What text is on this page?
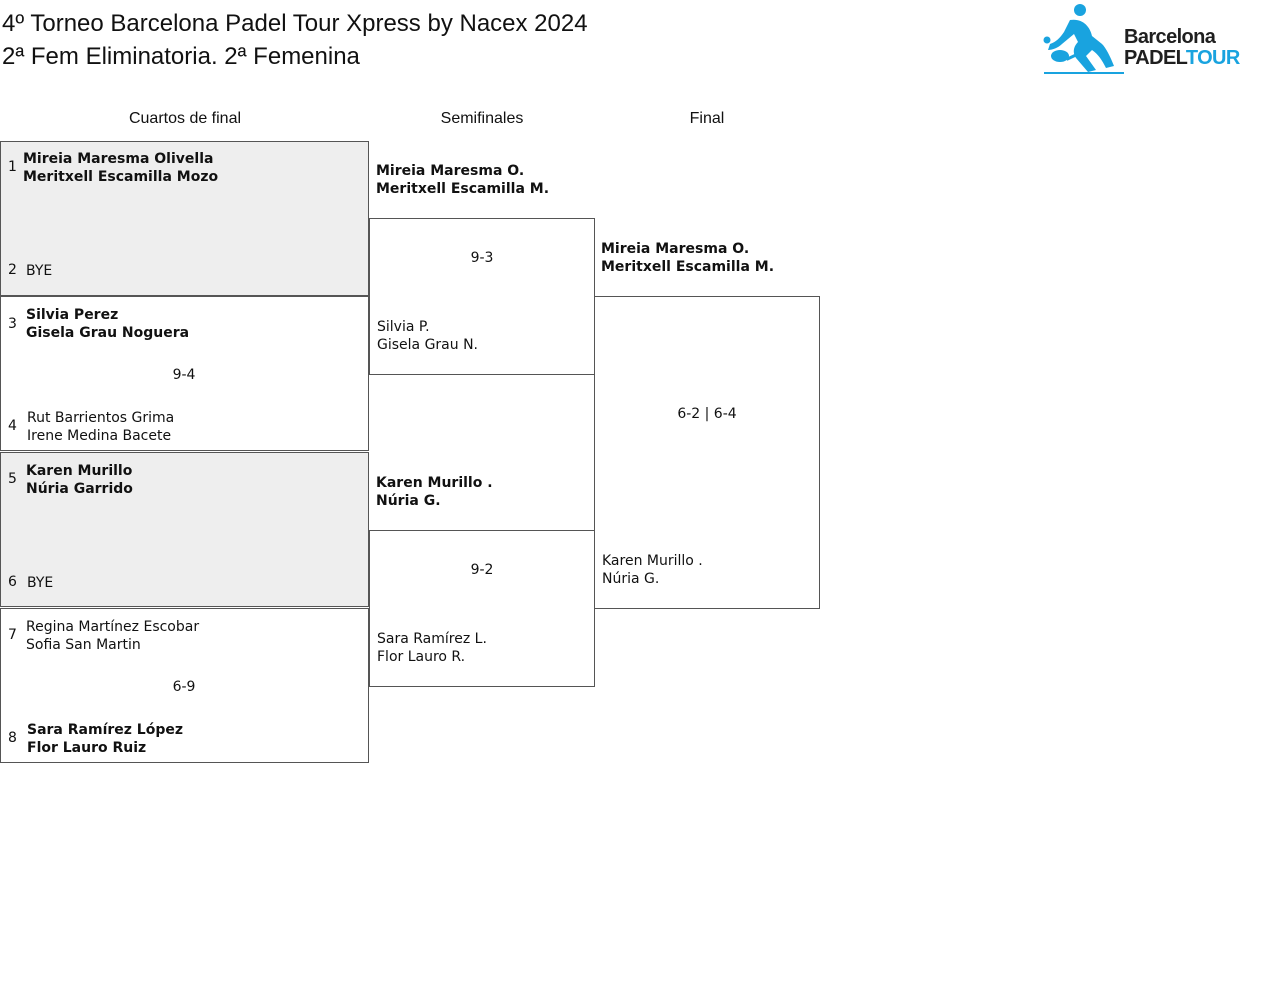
4º Torneo Barcelona Padel Tour Xpress by Nacex 2024
2ª Fem Eliminatoria. 2ª Femenina
Barcelona
PADELTOUR
Cuartos de final	Semifinales	Final
1 Mireia Maresma Olivella
Meritxell Escamilla Mozo
2 BYE
3
Silvia Perez
Gisela Grau Noguera
9-4
4 Rut Barrientos Grima
Irene Medina Bacete
5 Karen Murillo
Núria Garrido
6 BYE
7 Regina Martínez Escobar
Sofia San Martin
6-9
8 Sara Ramírez López
Flor Lauro Ruiz
Mireia Maresma O.
Meritxell Escamilla M.
9-3
Silvia P.
Gisela Grau N.
Karen Murillo .
Núria G.
9-2
Sara Ramírez L.
Flor Lauro R.
Mireia Maresma O.
Meritxell Escamilla M.
6-2 | 6-4
Karen Murillo .
Núria G.
